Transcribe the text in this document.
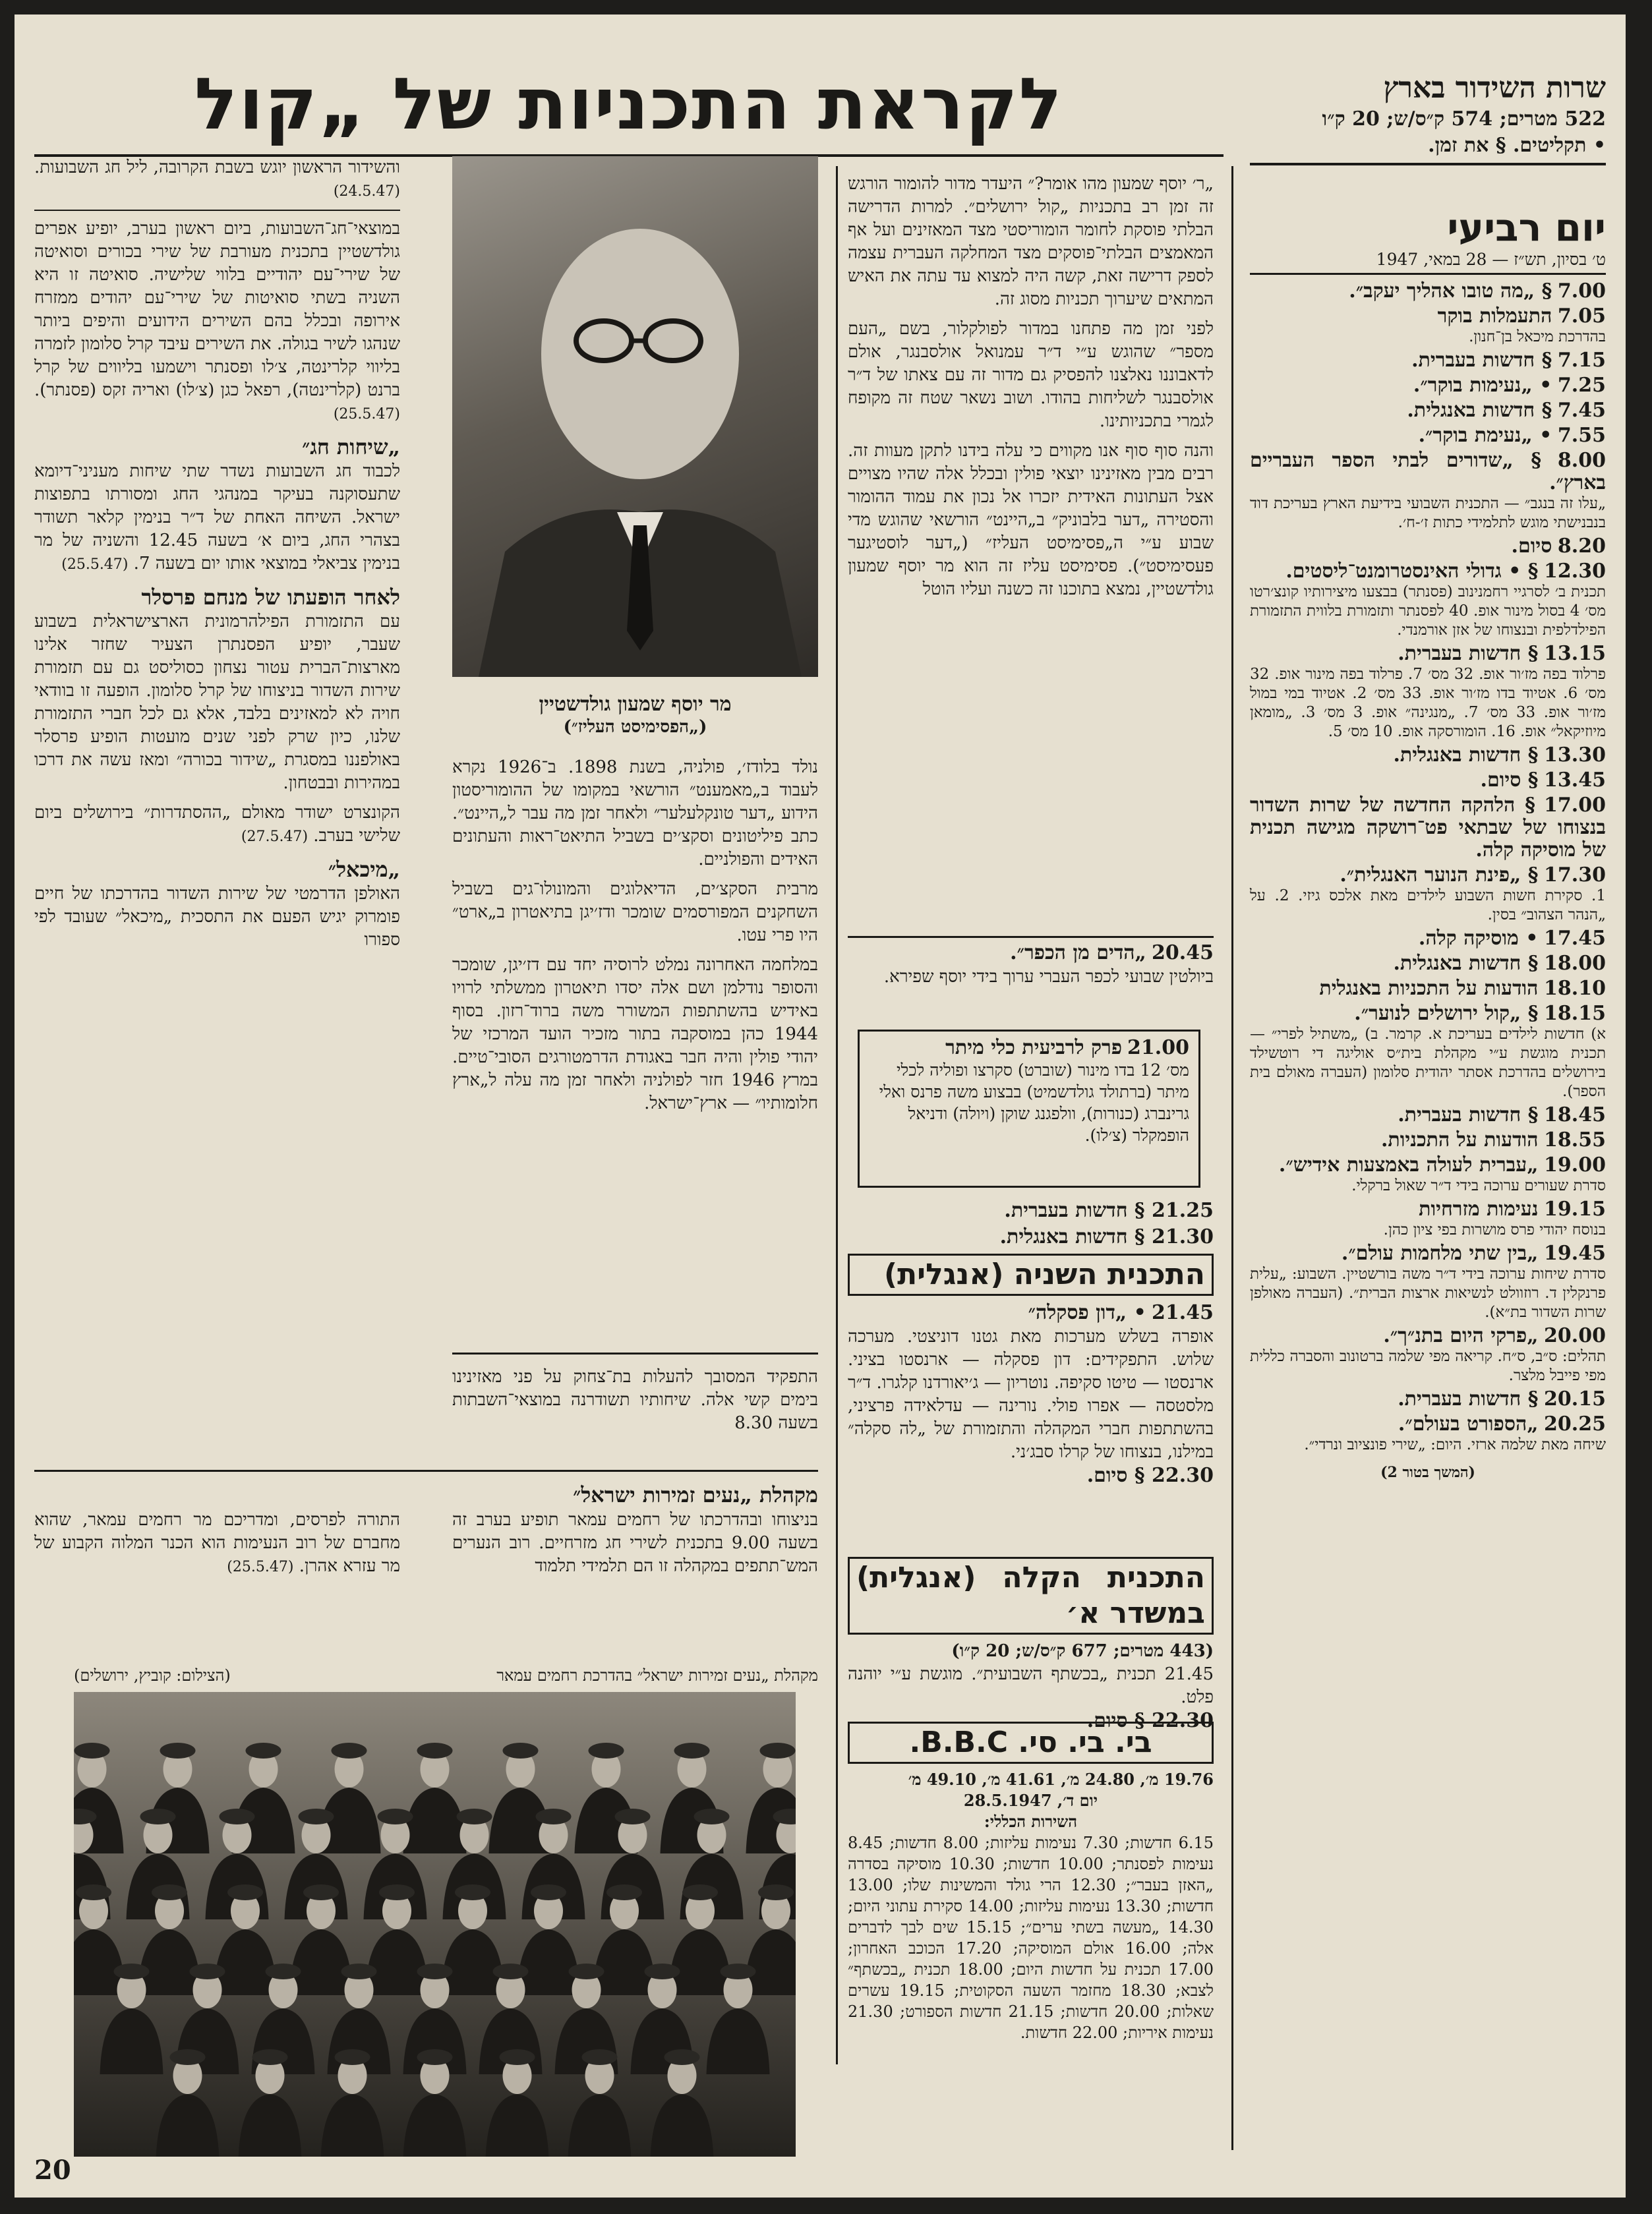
שרות השידור בארץ
522 מטרים; 574 ק״ס/ש; 20 ק״ו
• תקליטים. § את זמן.
לקראת התכניות של „קול
יום רביעי
ט׳ בסיון, תש״ז — 28 במאי, 1947
7.00 § „מה טובו אהליך יעקב״.
7.05 התעמלות בוקר
בהדרכת מיכאל בן־חנון.
7.15 § חדשות בעברית.
7.25 • „נעימות בוקר״.
7.45 § חדשות באנגלית.
7.55 • „נעימת בוקר״.
8.00 § „שדורים לבתי הספר העבריים בארץ״.
„עלו זה בנגב״ — התכנית השבועי בידיעת הארץ בעריכת דוד בנבנישתי מוגש לתלמידי כתות ז׳-ח׳.
8.20 סיום.
12.30 § • גדולי האינסטרומנט־ליסטים.
תכנית ב׳ לסרגיי רחמנינוב (פסנתר) בבצעו מיצירותיו קונצ׳רטו מס׳ 4 בסול מינור אופ. 40 לפסנתר ותזמורת בלווית התזמורת הפילדלפית ובנצוחו של אזן אורמנדי.
13.15 § חדשות בעברית.
פרלוד בפה מז׳ור אופ. 32 מס׳ 7. פרלוד בפה מינור אופ. 32 מס׳ 6. אטיוד בדו מז׳ור אופ. 33 מס׳ 2. אטיוד במי במול מז׳ור אופ. 33 מס׳ 7. „מנגינה״ אופ. 3 מס׳ 3. „מומאן מיוזיקאל״ אופ. 16. הומורסקה אופ. 10 מס׳ 5.
13.30 § חדשות באנגלית.
13.45 § סיום.
17.00 § הלהקה החדשה של שרות השדור בנצוחו של שבתאי פט־רושקה מגישה תכנית של מוסיקה קלה.
17.30 § „פינת הנוער האנגלית״.
1. סקירת חשות השבוע לילדים מאת אלכס גיזי. 2. על „הנהר הצהוב״ בסין.
17.45 • מוסיקה קלה.
18.00 § חדשות באנגלית.
18.10 הודעות על התכניות באנגלית
18.15 § „קול ירושלים לנוער״.
א) חדשות לילדים בעריכת א. קרמר. ב) „משתיל לפרי״ — תכנית מוגשת ע״י מקהלת בית״ס אוליגה די רוטשילד בירושלים בהדרכת אסתר יהודית סלומון (העברה מאולם בית הספר).
18.45 § חדשות בעברית.
18.55 הודעות על התכניות.
19.00 „עברית לעולה באמצעות אידיש״.
סדרת שעורים ערוכה בידי ד״ר שאול ברקלי.
19.15 נעימות מזרחיות
בנוסח יהודי פרס מושרות בפי ציון כהן.
19.45 „בין שתי מלחמות עולם״.
סדרת שיחות ערוכה בידי ד״ר משה בורשטיין. השבוע: „עלית פרנקלין ד. רוזוולט לנשיאות ארצות הברית״. (העברה מאולפן שרות השדור בת״א).
20.00 „פרקי היום בתנ״ך״.
תהלים: ס״ב, ס״ח. קריאה מפי שלמה ברטונוב והסברה כללית מפי פייבל מלצר.
20.15 § חדשות בעברית.
20.25 „הספורט בעולם״.
שיחה מאת שלמה ארזי. היום: „שירי פונציוב ונרדי״.
(המשך בטור 2)

„ר׳ יוסף שמעון מהו אומר?״ היעדר מדור להומור הורגש זה זמן רב בתכניות „קול ירושלים״. למרות הדרישה הבלתי פוסקת לחומר הומוריסטי מצד המאזינים ועל אף המאמצים הבלתי־פוסקים מצד המחלקה העברית עצמה לספק דרישה זאת, קשה היה למצוא עד עתה את האיש המתאים שיערוך תכניות מסוג זה.

לפני זמן מה פתחנו במדור לפולקלור, בשם „העם מספר״ שהוגש ע״י ד״ר עמנואל אולסבנגר, אולם לדאבוננו נאלצנו להפסיק גם מדור זה עם צאתו של ד״ר אולסבנגר לשליחות בהודו. ושוב נשאר שטח זה מקופח לגמרי בתכניותינו.

והנה סוף סוף אנו מקווים כי עלה בידנו לתקן מעוות זה. רבים מבין מאזינינו יוצאי פולין ובכלל אלה שהיו מצויים אצל העתונות האידית יזכרו אל נכון את עמוד ההומור והסטירה „דער בלבוניק״ ב„היינט״ הורשאי שהוגש מדי שבוע ע״י ה„פסימיסט העליז״ („דער לוסטיגער פעסימיסט״). פסימיסט עליז זה הוא מר יוסף שמעון גולדשטיין, נמצא בתוכנו זה כשנה ועליו הוטל

20.45 „הדים מן הכפר״.
ביולטין שבועי לכפר העברי ערוך בידי יוסף שפירא.
21.00 פרק לרביעית כלי מיתר
מס׳ 12 בדו מינור (שוברט) סקרצו ופוליה לכלי מיתר (ברתולד גולדשמיט) בבצוע משה פרנס ואלי גרינברג (כנורות), וולפגנג שוקן (ויולה) ודניאל הופמקלר (צ׳לו).
21.25 § חדשות בעברית.
21.30 § חדשות באנגלית.
התכנית השניה (אנגלית)
21.45 • „דון פסקלה״
אופרה בשלש מערכות מאת גטנו דוניצטי. מערכה שלוש. התפקידים: דון פסקלה — ארנסטו בציני. ארנסטו — טיטו סקיפה. נוטריון — ג׳יאורדנו קלגרו. ד״ר מלסטסה — אפרו פולי. נורינה — עדלאידה פרציני, בהשתתפות חברי המקהלה והתזמורת של „לה סקלה״ במילנו, בנצוחו של קרלו סבג׳ני.
22.30 § סיום.
התכנית הקלה (אנגלית) במשדר א׳
(443 מטרים; 677 ק״ס/ש; 20 ק״ו)
21.45 תכנית „בכשתף השבועית״. מוגשת ע״י יוהנה פלט.
22.30 § סיום.
בי. בי. סי. B.B.C.
19.76 מ׳, 24.80 מ׳, 41.61 מ׳, 49.10 מ׳
יום ד׳, 28.5.1947
השירות הכללי:
6.15 חדשות; 7.30 נעימות עליזות; 8.00 חדשות; 8.45 נעימות לפסנתר; 10.00 חדשות; 10.30 מוסיקה בסדרה „האזן בעבר״; 12.30 הרי גולד והמשינות שלו; 13.00 חדשות; 13.30 נעימות עליזות; 14.00 סקירת עתוני היום; 14.30 „מעשה בשתי ערים״; 15.15 שים לבך לדברים אלה; 16.00 אולם המוסיקה; 17.20 הכוכב האחרון; 17.00 תכנית על חדשות היום; 18.00 תכנית „בכשתף״ לצבא; 18.30 מחזמר השעה הסקוטית; 19.15 עשרים שאלות; 20.00 חדשות; 21.15 חדשות הספורט; 21.30 נעימות איריות; 22.00 חדשות.
מר יוסף שמעון גולדשטיין
(„הפסימיסט העליז״)

נולד בלודז׳, פולניה, בשנת 1898. ב־1926 נקרא לעבוד ב„מאמענט״ הורשאי במקומו של ההומוריסטון הידוע „דער טונקלעלער״ ולאחר זמן מה עבר ל„היינט״. כתב פיליטונים וסקצ׳ים בשביל התיאט־ראות והעתונים האידים והפולניים.

מרבית הסקצ׳ים, הדיאלוגים והמונולו־גים בשביל השחקנים המפורסמים שומכר ודז׳יגן בתיאטרון ב„ארט״ היו פרי עטו.

במלחמה האחרונה נמלט לרוסיה יחד עם דז׳יגן, שומכר והסופר נודלמן ושם אלה יסדו תיאטרון ממשלתי לרויו באידיש בהשתתפות המשורר משה ברוד־רזון. בסוף 1944 כהן במוסקבה בתור מזכיר הועד המרכזי של יהודי פולין והיה חבר באגודת הדרמטורגים הסובי־טיים. במרץ 1946 חזר לפולניה ולאחר זמן מה עלה ל„ארץ חלומותיו״ — ארץ־ישראל.

התפקיד המסובך להעלות בת־צחוק על פני מאזינינו בימים קשי אלה. שיחותיו תשודרנה במוצאי־השבתות בשעה 8.30

והשידור הראשון יוגש בשבת הקרובה, ליל חג השבועות. (24.5.47)

במוצאי־חג־השבועות, ביום ראשון בערב, יופיע אפרים גולדשטיין בתכנית מעורבת של שירי בכורים וסואיטה של שירי־עם יהודיים בלווי שלישיה. סואיטה זו היא השניה בשתי סואיטות של שירי־עם יהודים ממזרח אירופה ובכלל בהם השירים הידועים והיפים ביותר שנהגו לשיר בגולה. את השירים עיבד קרל סלומון לזמרה בליווי קלרינטה, צ׳לו ופסנתר וישמעו בליווים של קרל ברנט (קלרינטה), רפאל כגן (צ׳לו) ואריה זקס (פסנתר). (25.5.47)

„שיחות חג״

לכבוד חג השבועות נשדר שתי שיחות מעניני־דיומא שתעסוקנה בעיקר במנהגי החג ומסורתו בתפוצות ישראל. השיחה האחת של ד״ר בנימין קלאר תשודר בצהרי החג, ביום א׳ בשעה 12.45 והשניה של מר בנימין צביאלי במוצאי אותו יום בשעה 7. (25.5.47)

לאחר הופעתו של מנחם פרסלר

עם התזמורת הפילהרמונית הארצישראלית בשבוע שעבר, יופיע הפסנתרן הצעיר שחזר אלינו מארצות־הברית עטור נצחון כסוליסט גם עם תזמורת שירות השדור בניצוחו של קרל סלומון. הופעה זו בוודאי חויה לא למאזינים בלבד, אלא גם לכל חברי התזמורת שלנו, כיון שרק לפני שנים מועטות הופיע פרסלר באולפננו במסגרת „שידור בכורה״ ומאז עשה את דרכו במהירות ובבטחון.

הקונצרט ישודר מאולם „ההסתדרות״ בירושלים ביום שלישי בערב. (27.5.47)

„מיכאל״

האולפן הדרמטי של שירות השדור בהדרכתו של חיים פומרוק יגיש הפעם את התסכית „מיכאל״ שעובד לפי ספורו

מקהלת „נעים זמירות ישראל״
בניצוחו ובהדרכתו של רחמים עמאר תופיע בערב זה בשעה 9.00 בתכנית לשירי חג מזרחיים. רוב הנערים המש־תתפים במקהלה זו הם תלמידי תלמוד
התורה לפרסים, ומדריכם מר רחמים עמאר, שהוא מחברם של רוב הנעימות הוא הכנר המלוה הקבוע של מר עזרא אהרן. (25.5.47)
מקהלת „נעים זמירות ישראל״ בהדרכת רחמים עמאר
(הצילום: קוביץ, ירושלים)
20
